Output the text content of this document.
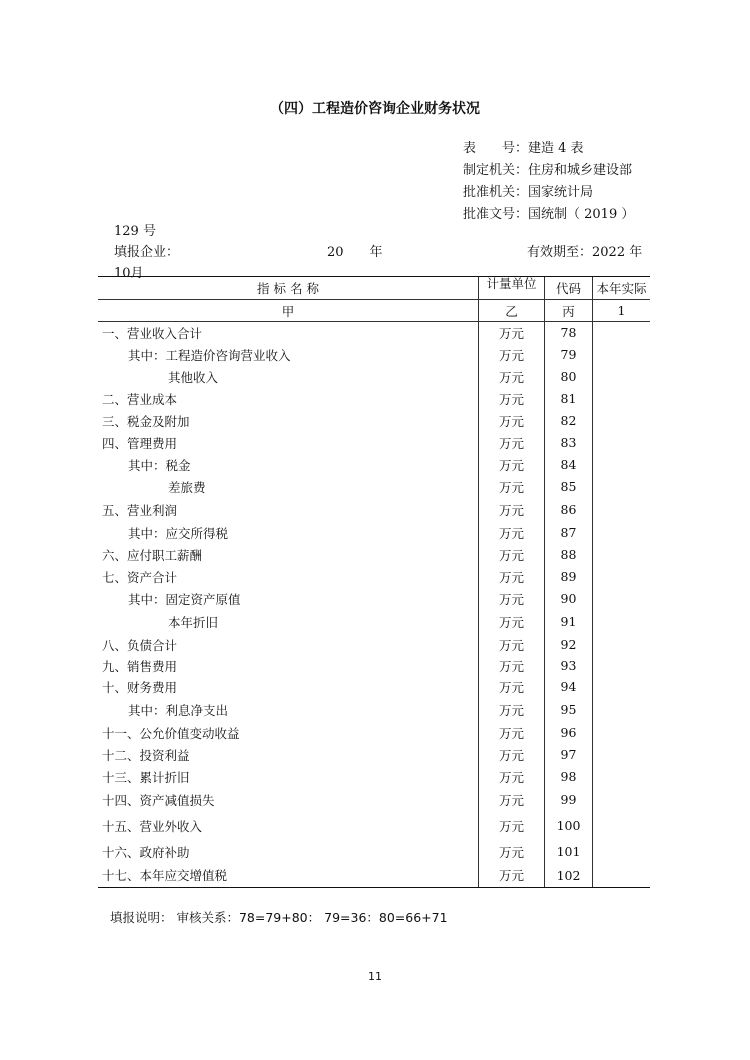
（四）工程造价咨询企业财务状况
表　　号：建造 4 表
制定机关：住房和城乡建设部
批准机关：国家统计局
批准文号：国统制（ 2019 ）
129 号
填报企业：	20　　年	有效期至：2022 年
10月
指 标 名 称	计量单位	代码	本年实际
甲	乙	丙	1
一、营业收入合计	万元	78	
其中：工程造价咨询营业收入	万元	79	
其他收入	万元	80	
二、营业成本	万元	81	
三、税金及附加	万元	82	
四、管理费用	万元	83	
其中：税金	万元	84	
差旅费	万元	85	
五、营业利润	万元	86	
其中：应交所得税	万元	87	
六、应付职工薪酬	万元	88	
七、资产合计	万元	89	
其中：固定资产原值	万元	90	
本年折旧	万元	91	
八、负债合计	万元	92	
九、销售费用	万元	93	
十、财务费用	万元	94	
其中：利息净支出	万元	95	
十一、公允价值变动收益	万元	96	
十二、投资利益	万元	97	
十三、累计折旧	万元	98	
十四、资产减值损失	万元	99	
十五、营业外收入	万元	100	
十六、政府补助	万元	101	
十七、本年应交增值税	万元	102	
填报说明： 审核关系：78=79+80： 79=36：80=66+71
11
